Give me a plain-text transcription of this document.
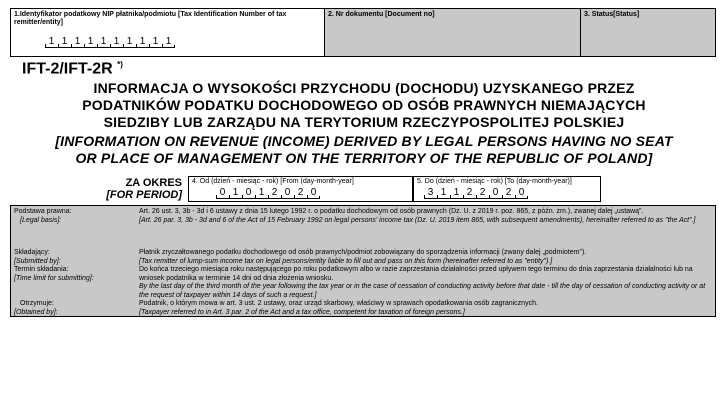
1.Identyfikator podatkowy NIP płatnika/podmiotu [Tax Identification Number of tax remitter/entity]
1 1 1 1 1 1 1 1 1 1
2. Nr dokumentu [Document no]	3. Status[Status]
IFT-2/IFT-2R *)
INFORMACJA O WYSOKOŚCI PRZYCHODU (DOCHODU) UZYSKANEGO PRZEZ
PODATNIKÓW PODATKU DOCHODOWEGO OD OSÓB PRAWNYCH NIEMAJĄCYCH
SIEDZIBY LUB ZARZĄDU NA TERYTORIUM RZECZYPOSPOLITEJ POLSKIEJ
[INFORMATION ON REVENUE (INCOME) DERIVED BY LEGAL PERSONS HAVING NO SEAT
OR PLACE OF MANAGEMENT ON THE TERRITORY OF THE REPUBLIC OF POLAND]
ZA OKRES
[FOR PERIOD]
4. Od (dzień - miesiąc - rok) [From (day-month-year]
0 1 0 1 2 0 2 0
5. Do (dzień - miesiąc - rok) [To (day-month-year)]
3 1 1 2 2 0 2 0
Podstawa prawna:
[Legal basis]:
Art. 26 ust. 3, 3b - 3d i 6 ustawy z dnia 15 lutego 1992 r. o podatku dochodowym od osób prawnych (Dz. U. z 2019 r. poz. 865, z późn. zm.), zwanej dalej „ustawą".
[Art. 26 par. 3, 3b - 3d and 6 of the Act of 15 February 1992 on legal persons' income tax (Dz. U. 2019 item 865, with subsequent amendments), hereinafter referred to as "the Act".]
Składający:
[Submitted by]:
Płatnik zryczałtowanego podatku dochodowego od osób prawnych/podmiot zobowiązany do sporządzenia informacji (zwany dalej „podmiotem").
[Tax remitter of lump-sum income tax on legal persons/entity liable to fill out and pass on this form (hereinafter referred to as "entity").]
Termin składania:
[Time limit for submitting]:
Do końca trzeciego miesiąca roku następującego po roku podatkowym albo w razie zaprzestania działalności przed upływem tego terminu do dnia zaprzestania działalności lub na wniosek podatnika w terminie 14 dni od dnia złożenia wniosku.
By the last day of the third month of the year following the tax year or in the case of cessation of conducting activity before that date - till the day of cessation of conducting activity or at the request of taxpayer within 14 days of such a request.]
Otrzymuje:
[Obtained by]:
Podatnik, o którym mowa w art. 3 ust. 2 ustawy, oraz urząd skarbowy, właściwy w sprawach opodatkowania osób zagranicznych.
[Taxpayer referred to in Art. 3 par. 2 of the Act and a tax office, competent for taxation of foreign persons.]
